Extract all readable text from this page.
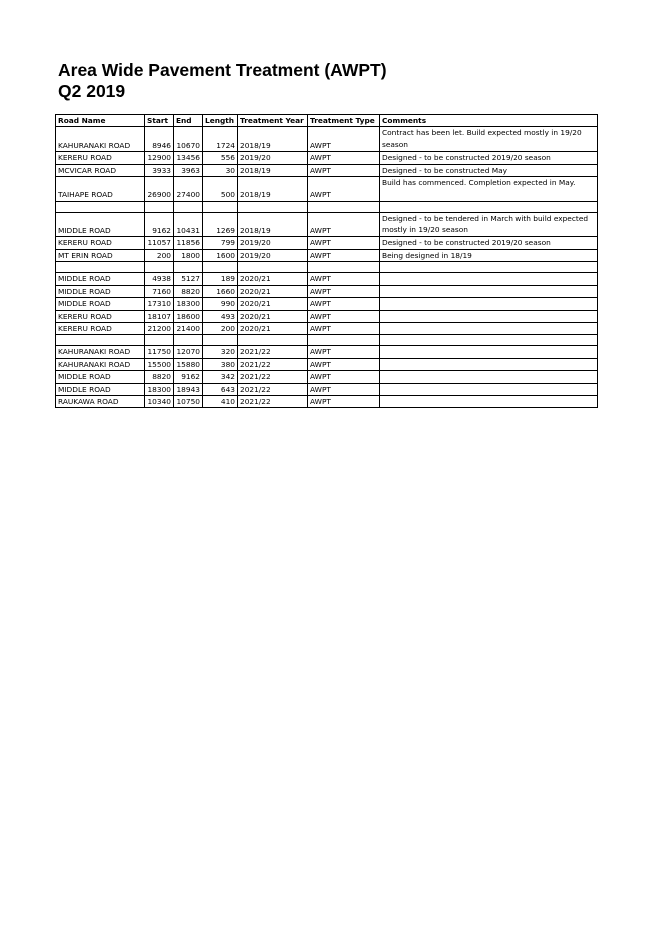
Area Wide Pavement Treatment (AWPT)
Q2 2019
Road Name	Start	End	Length	Treatment Year	Treatment Type	Comments
KAHURANAKI ROAD	8946	10670	1724	2018/19	AWPT	Contract has been let. Build expected mostly in 19/20 season
KERERU ROAD	12900	13456	556	2019/20	AWPT	Designed - to be constructed 2019/20 season
MCVICAR ROAD	3933	3963	30	2018/19	AWPT	Designed - to be constructed May
TAIHAPE ROAD	26900	27400	500	2018/19	AWPT	Build has commenced. Completion expected in May.

MIDDLE ROAD	9162	10431	1269	2018/19	AWPT	Designed - to be tendered in March with build expected mostly in 19/20 season
KERERU ROAD	11057	11856	799	2019/20	AWPT	Designed - to be constructed 2019/20 season
MT ERIN ROAD	200	1800	1600	2019/20	AWPT	Being designed in 18/19

MIDDLE ROAD	4938	5127	189	2020/21	AWPT	
MIDDLE ROAD	7160	8820	1660	2020/21	AWPT	
MIDDLE ROAD	17310	18300	990	2020/21	AWPT	
KERERU ROAD	18107	18600	493	2020/21	AWPT	
KERERU ROAD	21200	21400	200	2020/21	AWPT	

KAHURANAKI ROAD	11750	12070	320	2021/22	AWPT	
KAHURANAKI ROAD	15500	15880	380	2021/22	AWPT	
MIDDLE ROAD	8820	9162	342	2021/22	AWPT	
MIDDLE ROAD	18300	18943	643	2021/22	AWPT	
RAUKAWA ROAD	10340	10750	410	2021/22	AWPT	
